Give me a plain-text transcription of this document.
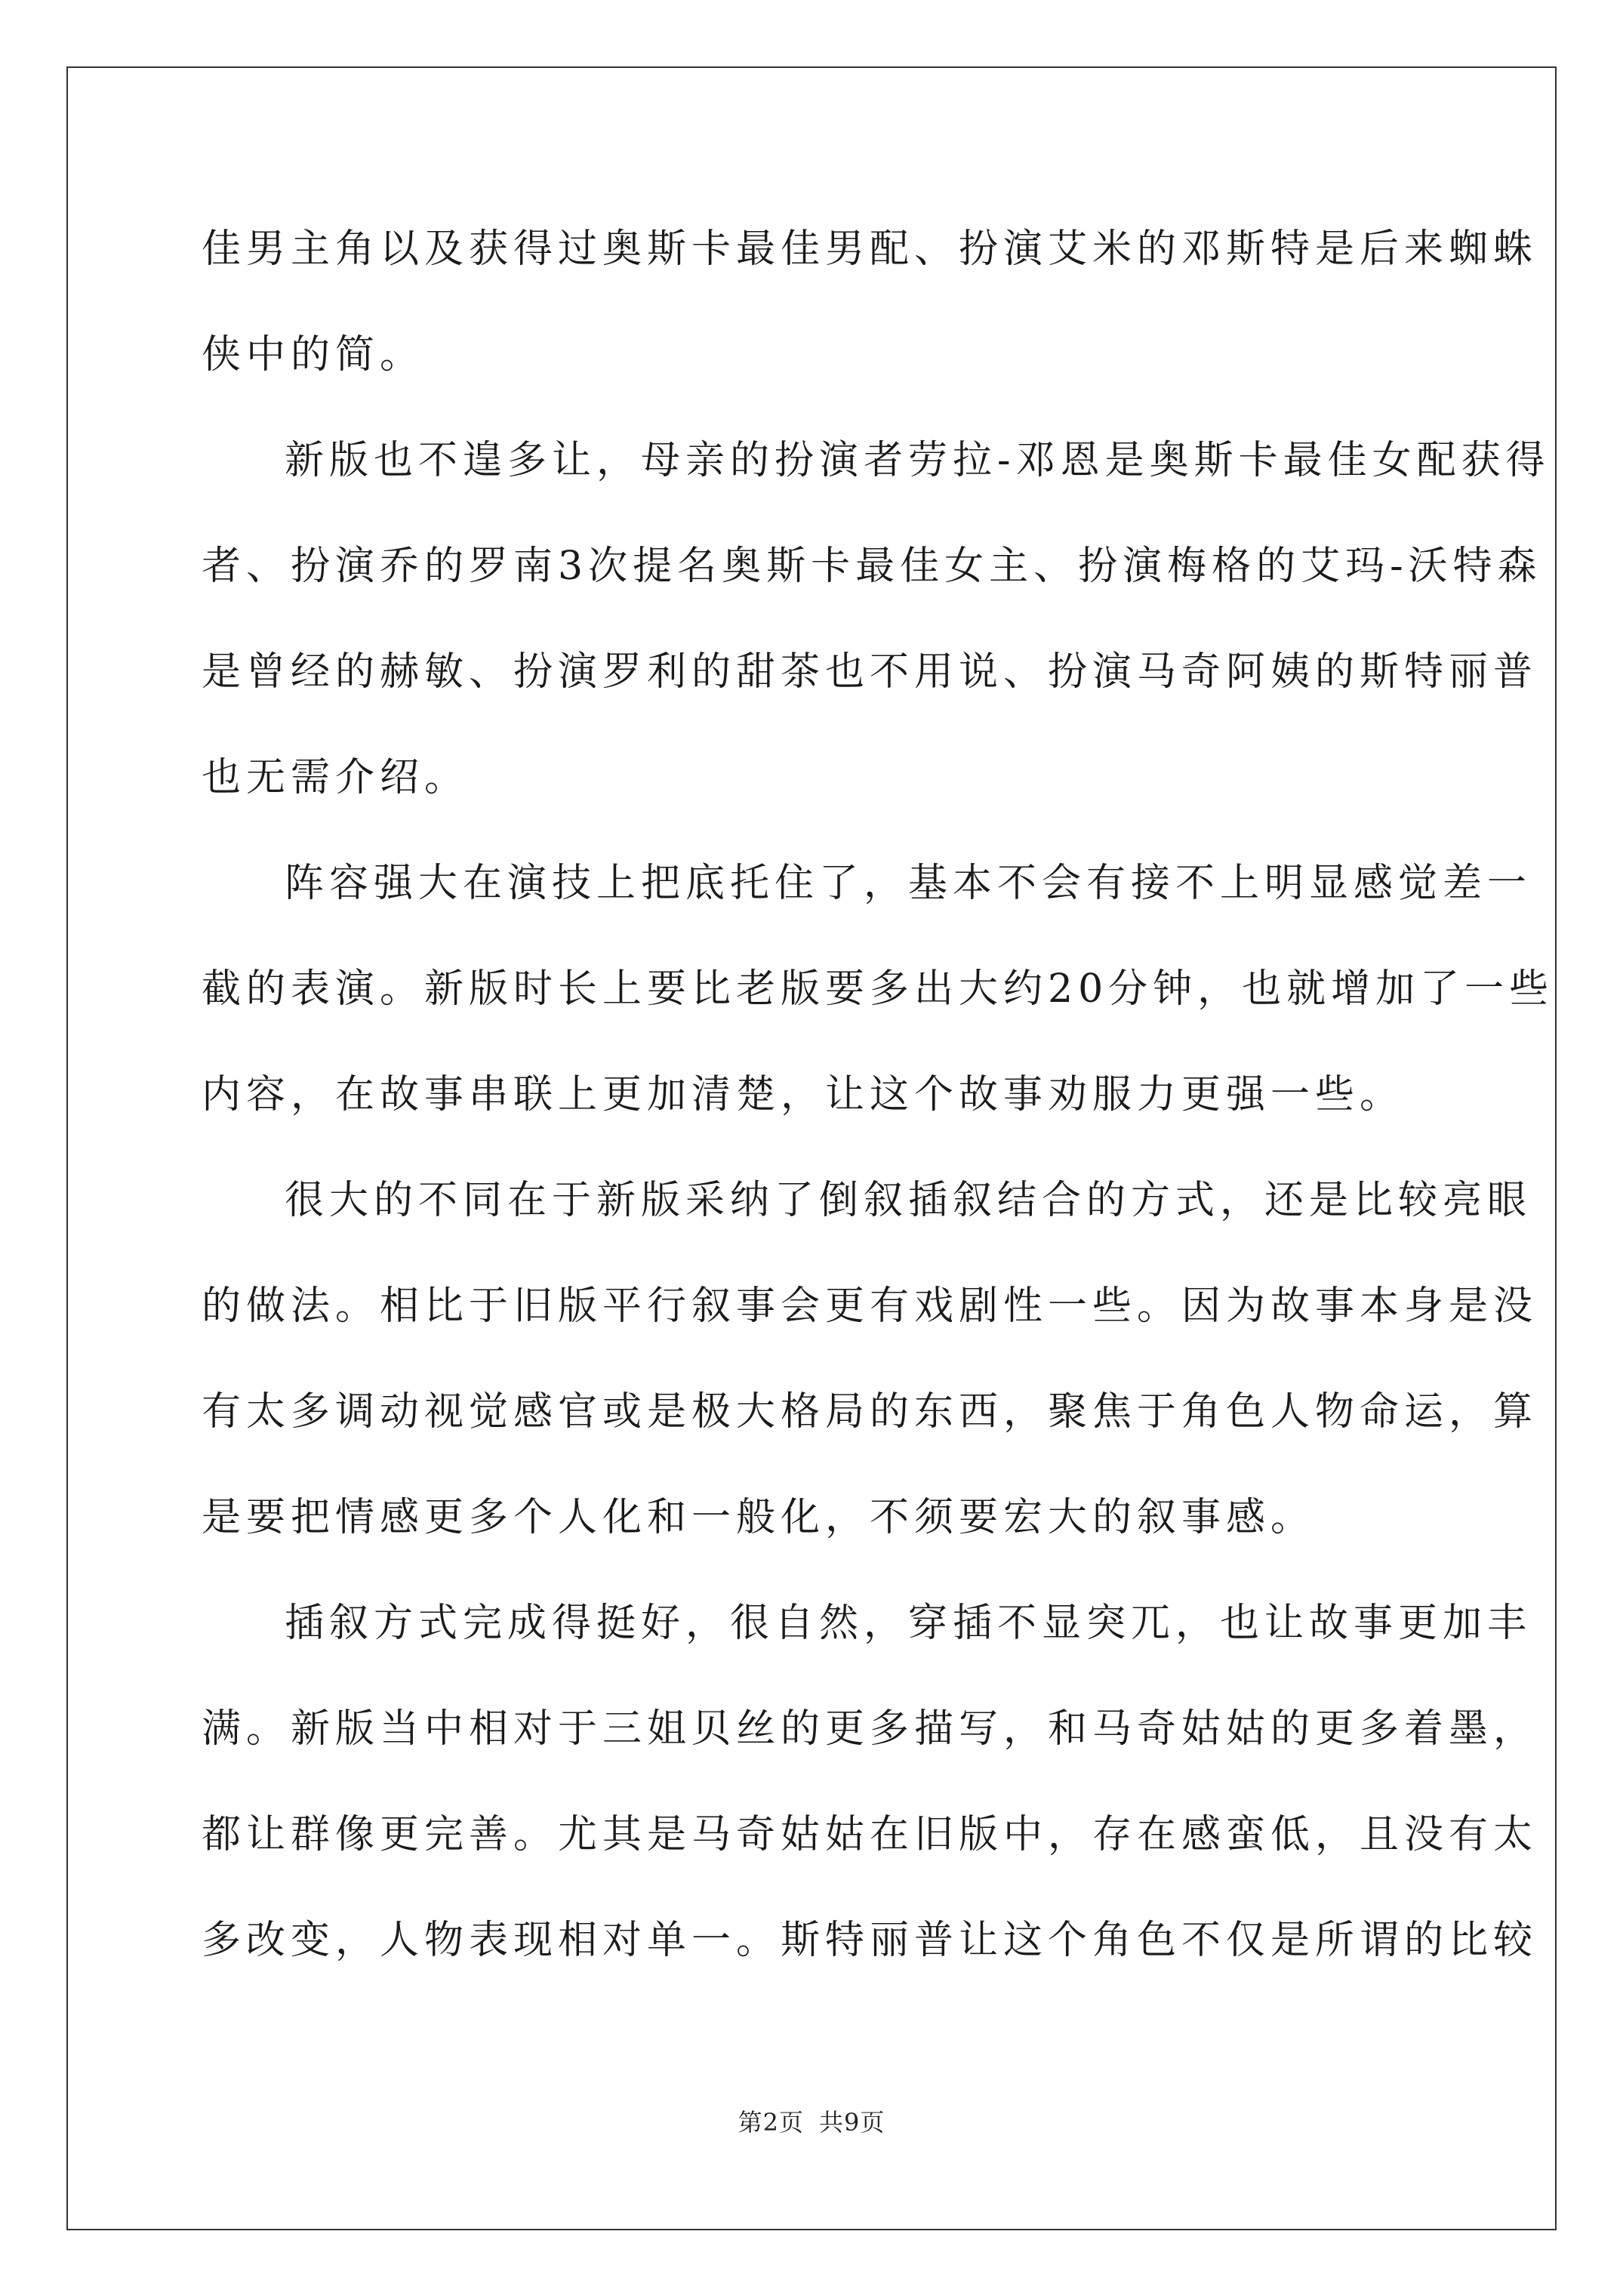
佳男主角以及获得过奥斯卡最佳男配、扮演艾米的邓斯特是后来蜘蛛
侠中的简。
新版也不遑多让，母亲的扮演者劳拉-邓恩是奥斯卡最佳女配获得
者、扮演乔的罗南3次提名奥斯卡最佳女主、扮演梅格的艾玛-沃特森
是曾经的赫敏、扮演罗利的甜茶也不用说、扮演马奇阿姨的斯特丽普
也无需介绍。
阵容强大在演技上把底托住了，基本不会有接不上明显感觉差一
截的表演。新版时长上要比老版要多出大约20分钟，也就增加了一些
内容，在故事串联上更加清楚，让这个故事劝服力更强一些。
很大的不同在于新版采纳了倒叙插叙结合的方式，还是比较亮眼
的做法。相比于旧版平行叙事会更有戏剧性一些。因为故事本身是没
有太多调动视觉感官或是极大格局的东西，聚焦于角色人物命运，算
是要把情感更多个人化和一般化，不须要宏大的叙事感。
插叙方式完成得挺好，很自然，穿插不显突兀，也让故事更加丰
满。新版当中相对于三姐贝丝的更多描写，和马奇姑姑的更多着墨，
都让群像更完善。尤其是马奇姑姑在旧版中，存在感蛮低，且没有太
多改变，人物表现相对单一。斯特丽普让这个角色不仅是所谓的比较
第2页 共9页
